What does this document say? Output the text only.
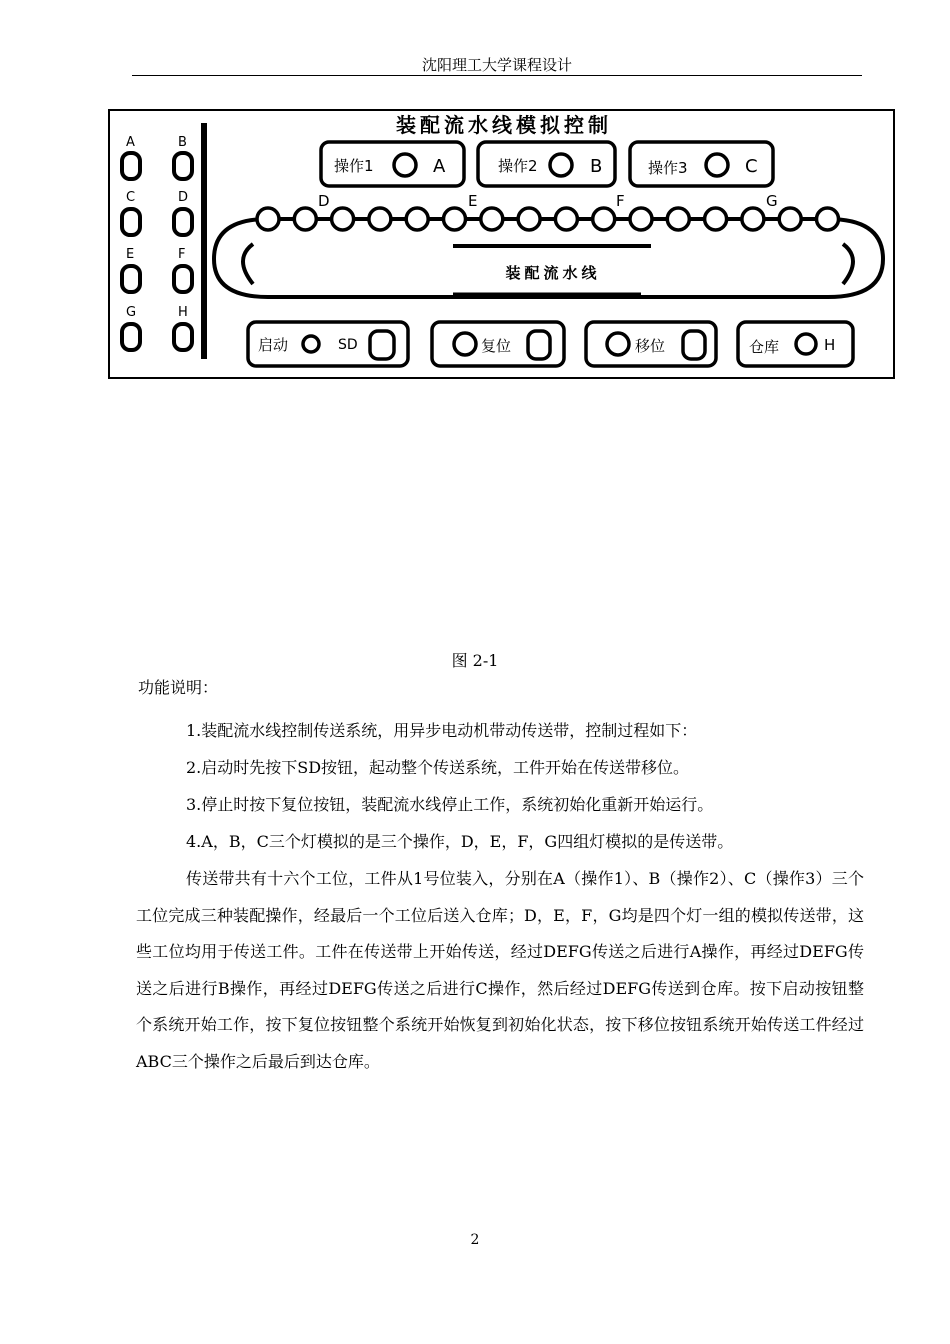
沈阳理工大学课程设计
装配流水线模拟控制
A	B
C	D
E	F
G	H
操作1	A	操作2	B	操作3	C
D	E	F	G
装配流水线
启动	SD	复位	移位	仓库	H
图 2-1
功能说明：
1.装配流水线控制传送系统，用异步电动机带动传送带，控制过程如下：
2.启动时先按下SD按钮，起动整个传送系统，工件开始在传送带移位。
3.停止时按下复位按钮，装配流水线停止工作，系统初始化重新开始运行。
4.A，B，C三个灯模拟的是三个操作，D，E，F，G四组灯模拟的是传送带。
传送带共有十六个工位，工件从1号位装入，分别在A（操作1）、B（操作2）、C（操作3）三个工位完成三种装配操作，经最后一个工位后送入仓库；D，E，F，G均是四个灯一组的模拟传送带，这些工位均用于传送工件。工件在传送带上开始传送，经过DEFG传送之后进行A操作，再经过DEFG传送之后进行B操作，再经过DEFG传送之后进行C操作，然后经过DEFG传送到仓库。按下启动按钮整个系统开始工作，按下复位按钮整个系统开始恢复到初始化状态，按下移位按钮系统开始传送工件经过ABC三个操作之后最后到达仓库。
2
